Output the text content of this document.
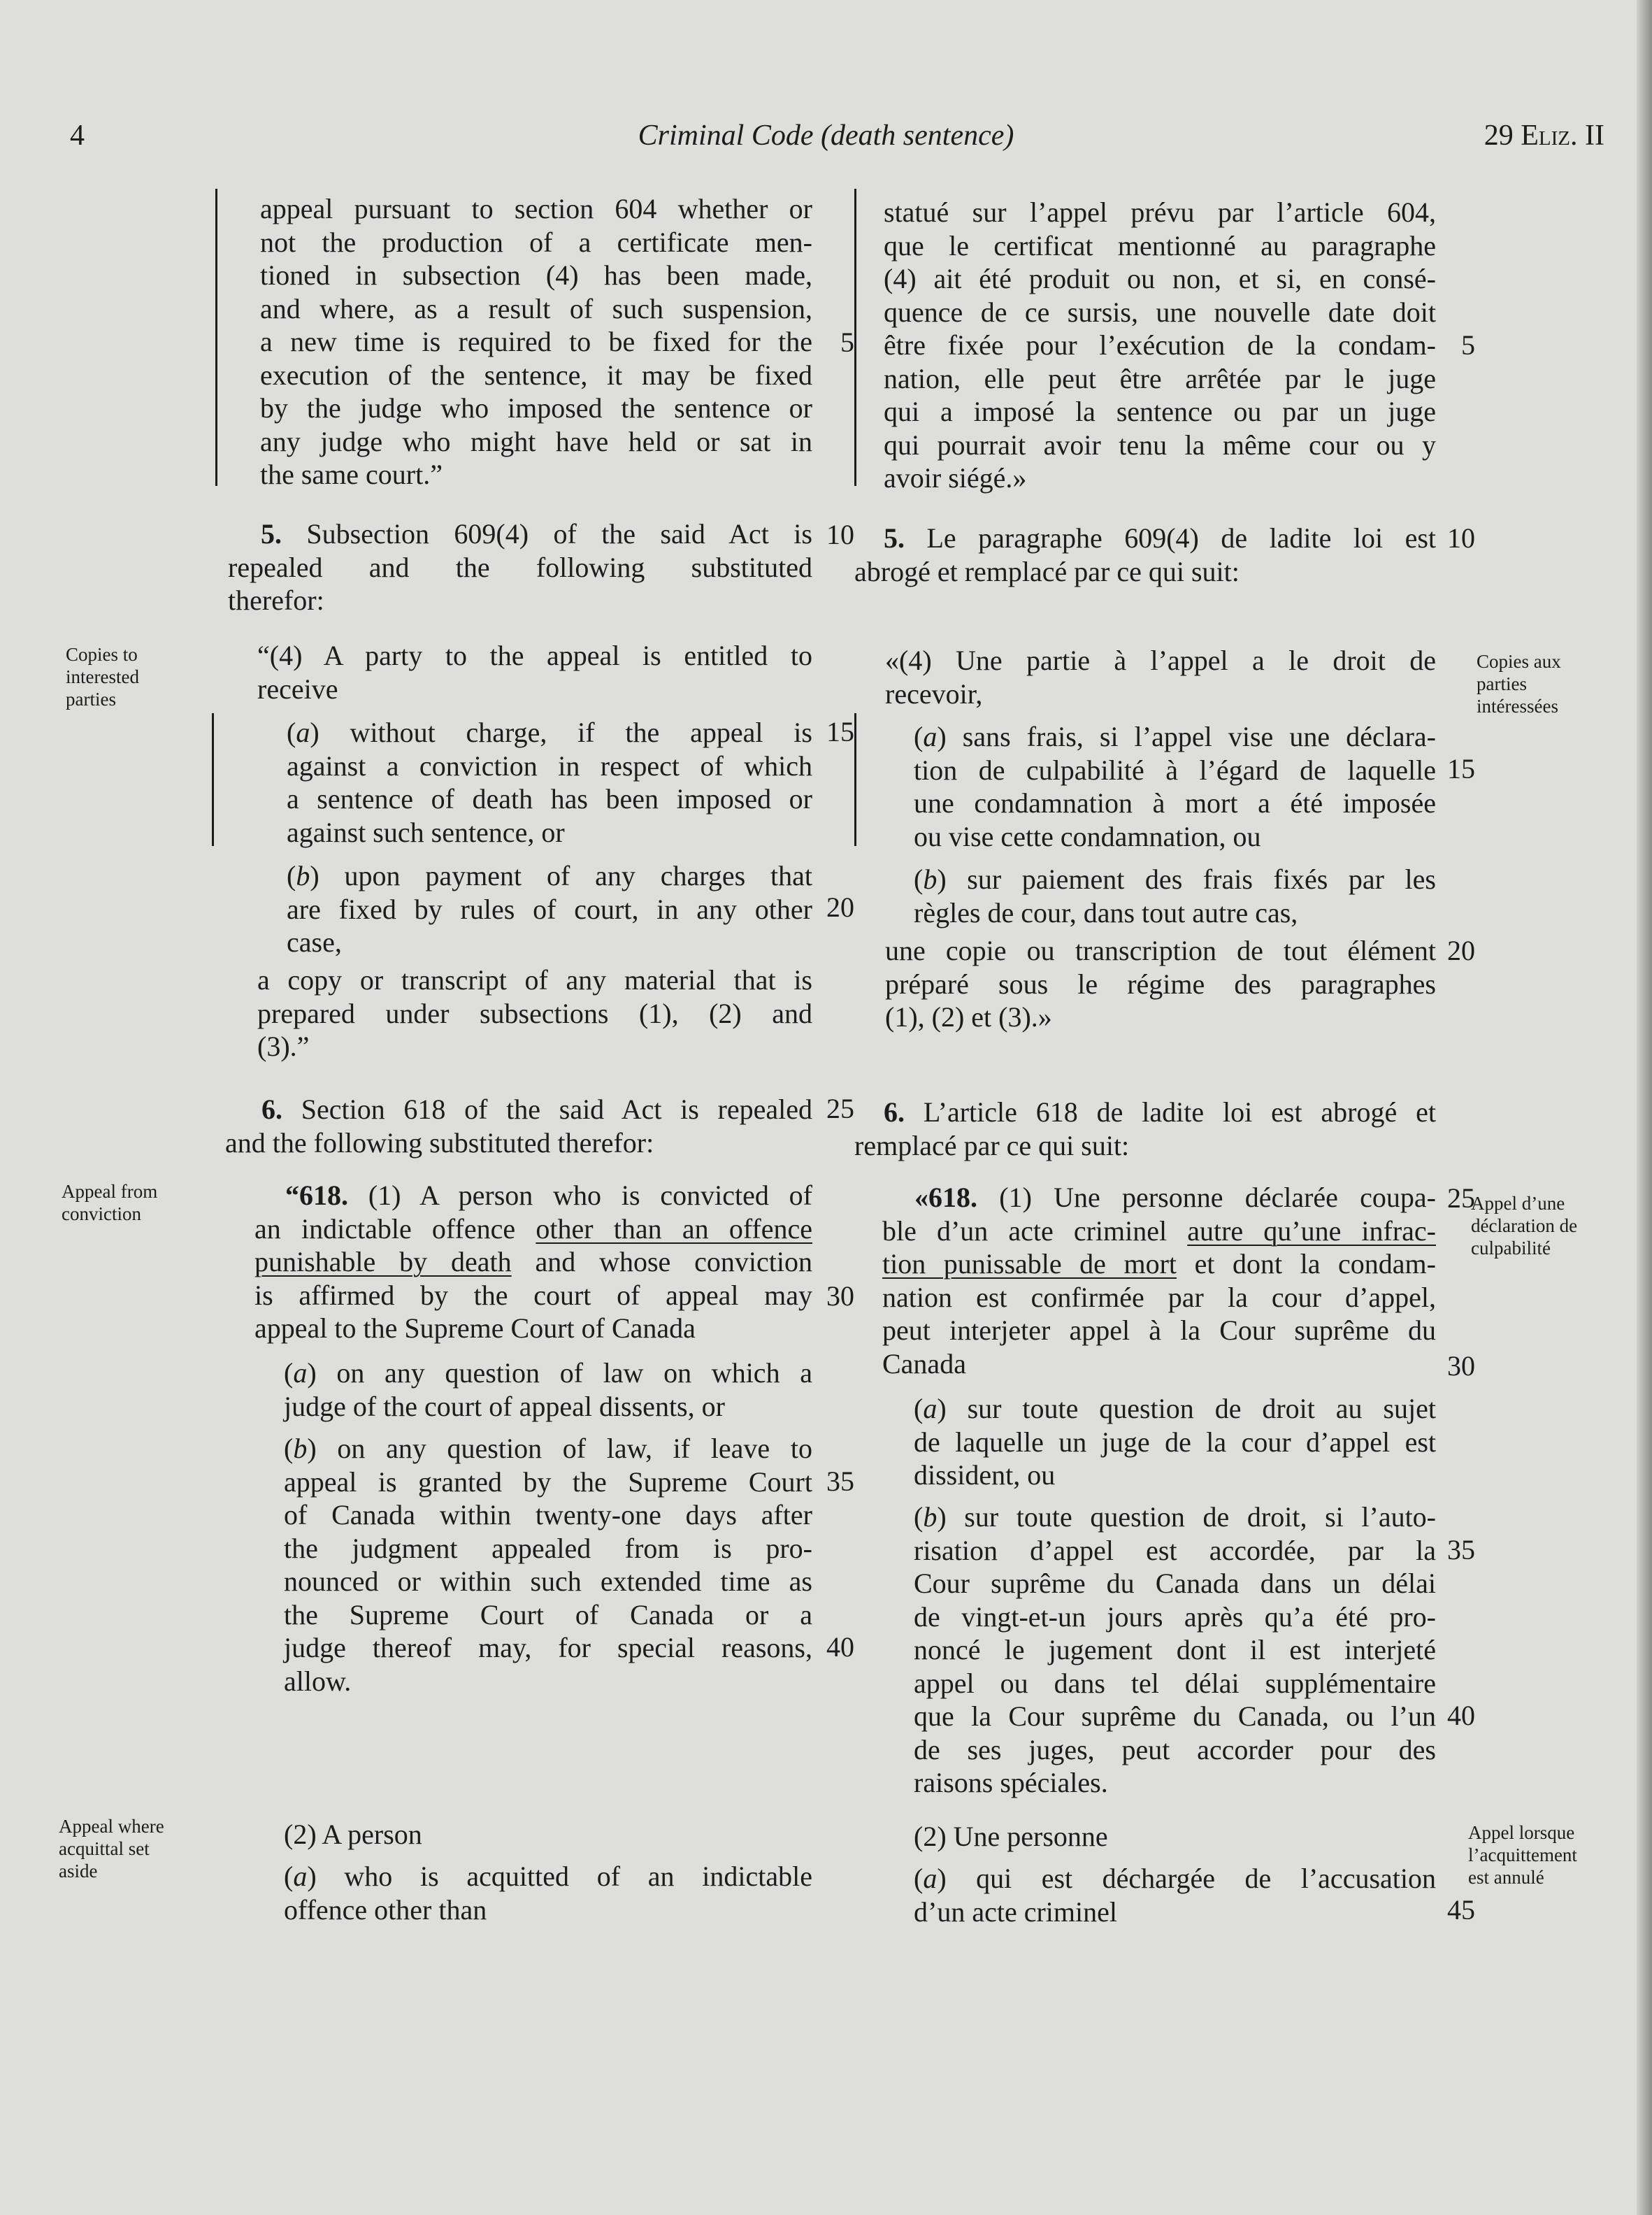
4	Criminal Code (death sentence)	29 Eliz. II
appeal pursuant to section 604 whether or
not the production of a certificate men-
tioned in subsection (4) has been made,
and where, as a result of such suspension,
a new time is required to be fixed for the
execution of the sentence, it may be fixed
by the judge who imposed the sentence or
any judge who might have held or sat in
the same court.”
5. Subsection 609(4) of the said Act is
repealed and the following substituted
therefor:
“(4) A party to the appeal is entitled to
receive
(a) without charge, if the appeal is
against a conviction in respect of which
a sentence of death has been imposed or
against such sentence, or
(b) upon payment of any charges that
are fixed by rules of court, in any other
case,
a copy or transcript of any material that is
prepared under subsections (1), (2) and
(3).”
6. Section 618 of the said Act is repealed
and the following substituted therefor:
“618. (1) A person who is convicted of
an indictable offence other than an offence
punishable by death and whose conviction
is affirmed by the court of appeal may
appeal to the Supreme Court of Canada
(a) on any question of law on which a
judge of the court of appeal dissents, or
(b) on any question of law, if leave to
appeal is granted by the Supreme Court
of Canada within twenty-one days after
the judgment appealed from is pro-
nounced or within such extended time as
the Supreme Court of Canada or a
judge thereof may, for special reasons,
allow.
(2) A person
(a) who is acquitted of an indictable
offence other than
statué sur l’appel prévu par l’article 604,
que le certificat mentionné au paragraphe
(4) ait été produit ou non, et si, en consé-
quence de ce sursis, une nouvelle date doit
être fixée pour l’exécution de la condam-
nation, elle peut être arrêtée par le juge
qui a imposé la sentence ou par un juge
qui pourrait avoir tenu la même cour ou y
avoir siégé.»
5. Le paragraphe 609(4) de ladite loi est
abrogé et remplacé par ce qui suit:
«(4) Une partie à l’appel a le droit de
recevoir,
(a) sans frais, si l’appel vise une déclara-
tion de culpabilité à l’égard de laquelle
une condamnation à mort a été imposée
ou vise cette condamnation, ou
(b) sur paiement des frais fixés par les
règles de cour, dans tout autre cas,
une copie ou transcription de tout élément
préparé sous le régime des paragraphes
(1), (2) et (3).»
6. L’article 618 de ladite loi est abrogé et
remplacé par ce qui suit:
«618. (1) Une personne déclarée coupa-
ble d’un acte criminel autre qu’une infrac-
tion punissable de mort et dont la condam-
nation est confirmée par la cour d’appel,
peut interjeter appel à la Cour suprême du
Canada
(a) sur toute question de droit au sujet
de laquelle un juge de la cour d’appel est
dissident, ou
(b) sur toute question de droit, si l’auto-
risation d’appel est accordée, par la
Cour suprême du Canada dans un délai
de vingt-et-un jours après qu’a été pro-
noncé le jugement dont il est interjeté
appel ou dans tel délai supplémentaire
que la Cour suprême du Canada, ou l’un
de ses juges, peut accorder pour des
raisons spéciales.
(2) Une personne
(a) qui est déchargée de l’accusation
d’un acte criminel
5
10
15
20
25
30
35
40
5
10
15
20
25
30
35
40
45
Copies to
interested
parties
Appeal from
conviction
Appeal where
acquittal set
aside
Copies aux
parties
intéressées
Appel d’une
déclaration de
culpabilité
Appel lorsque
l’acquittement
est annulé
